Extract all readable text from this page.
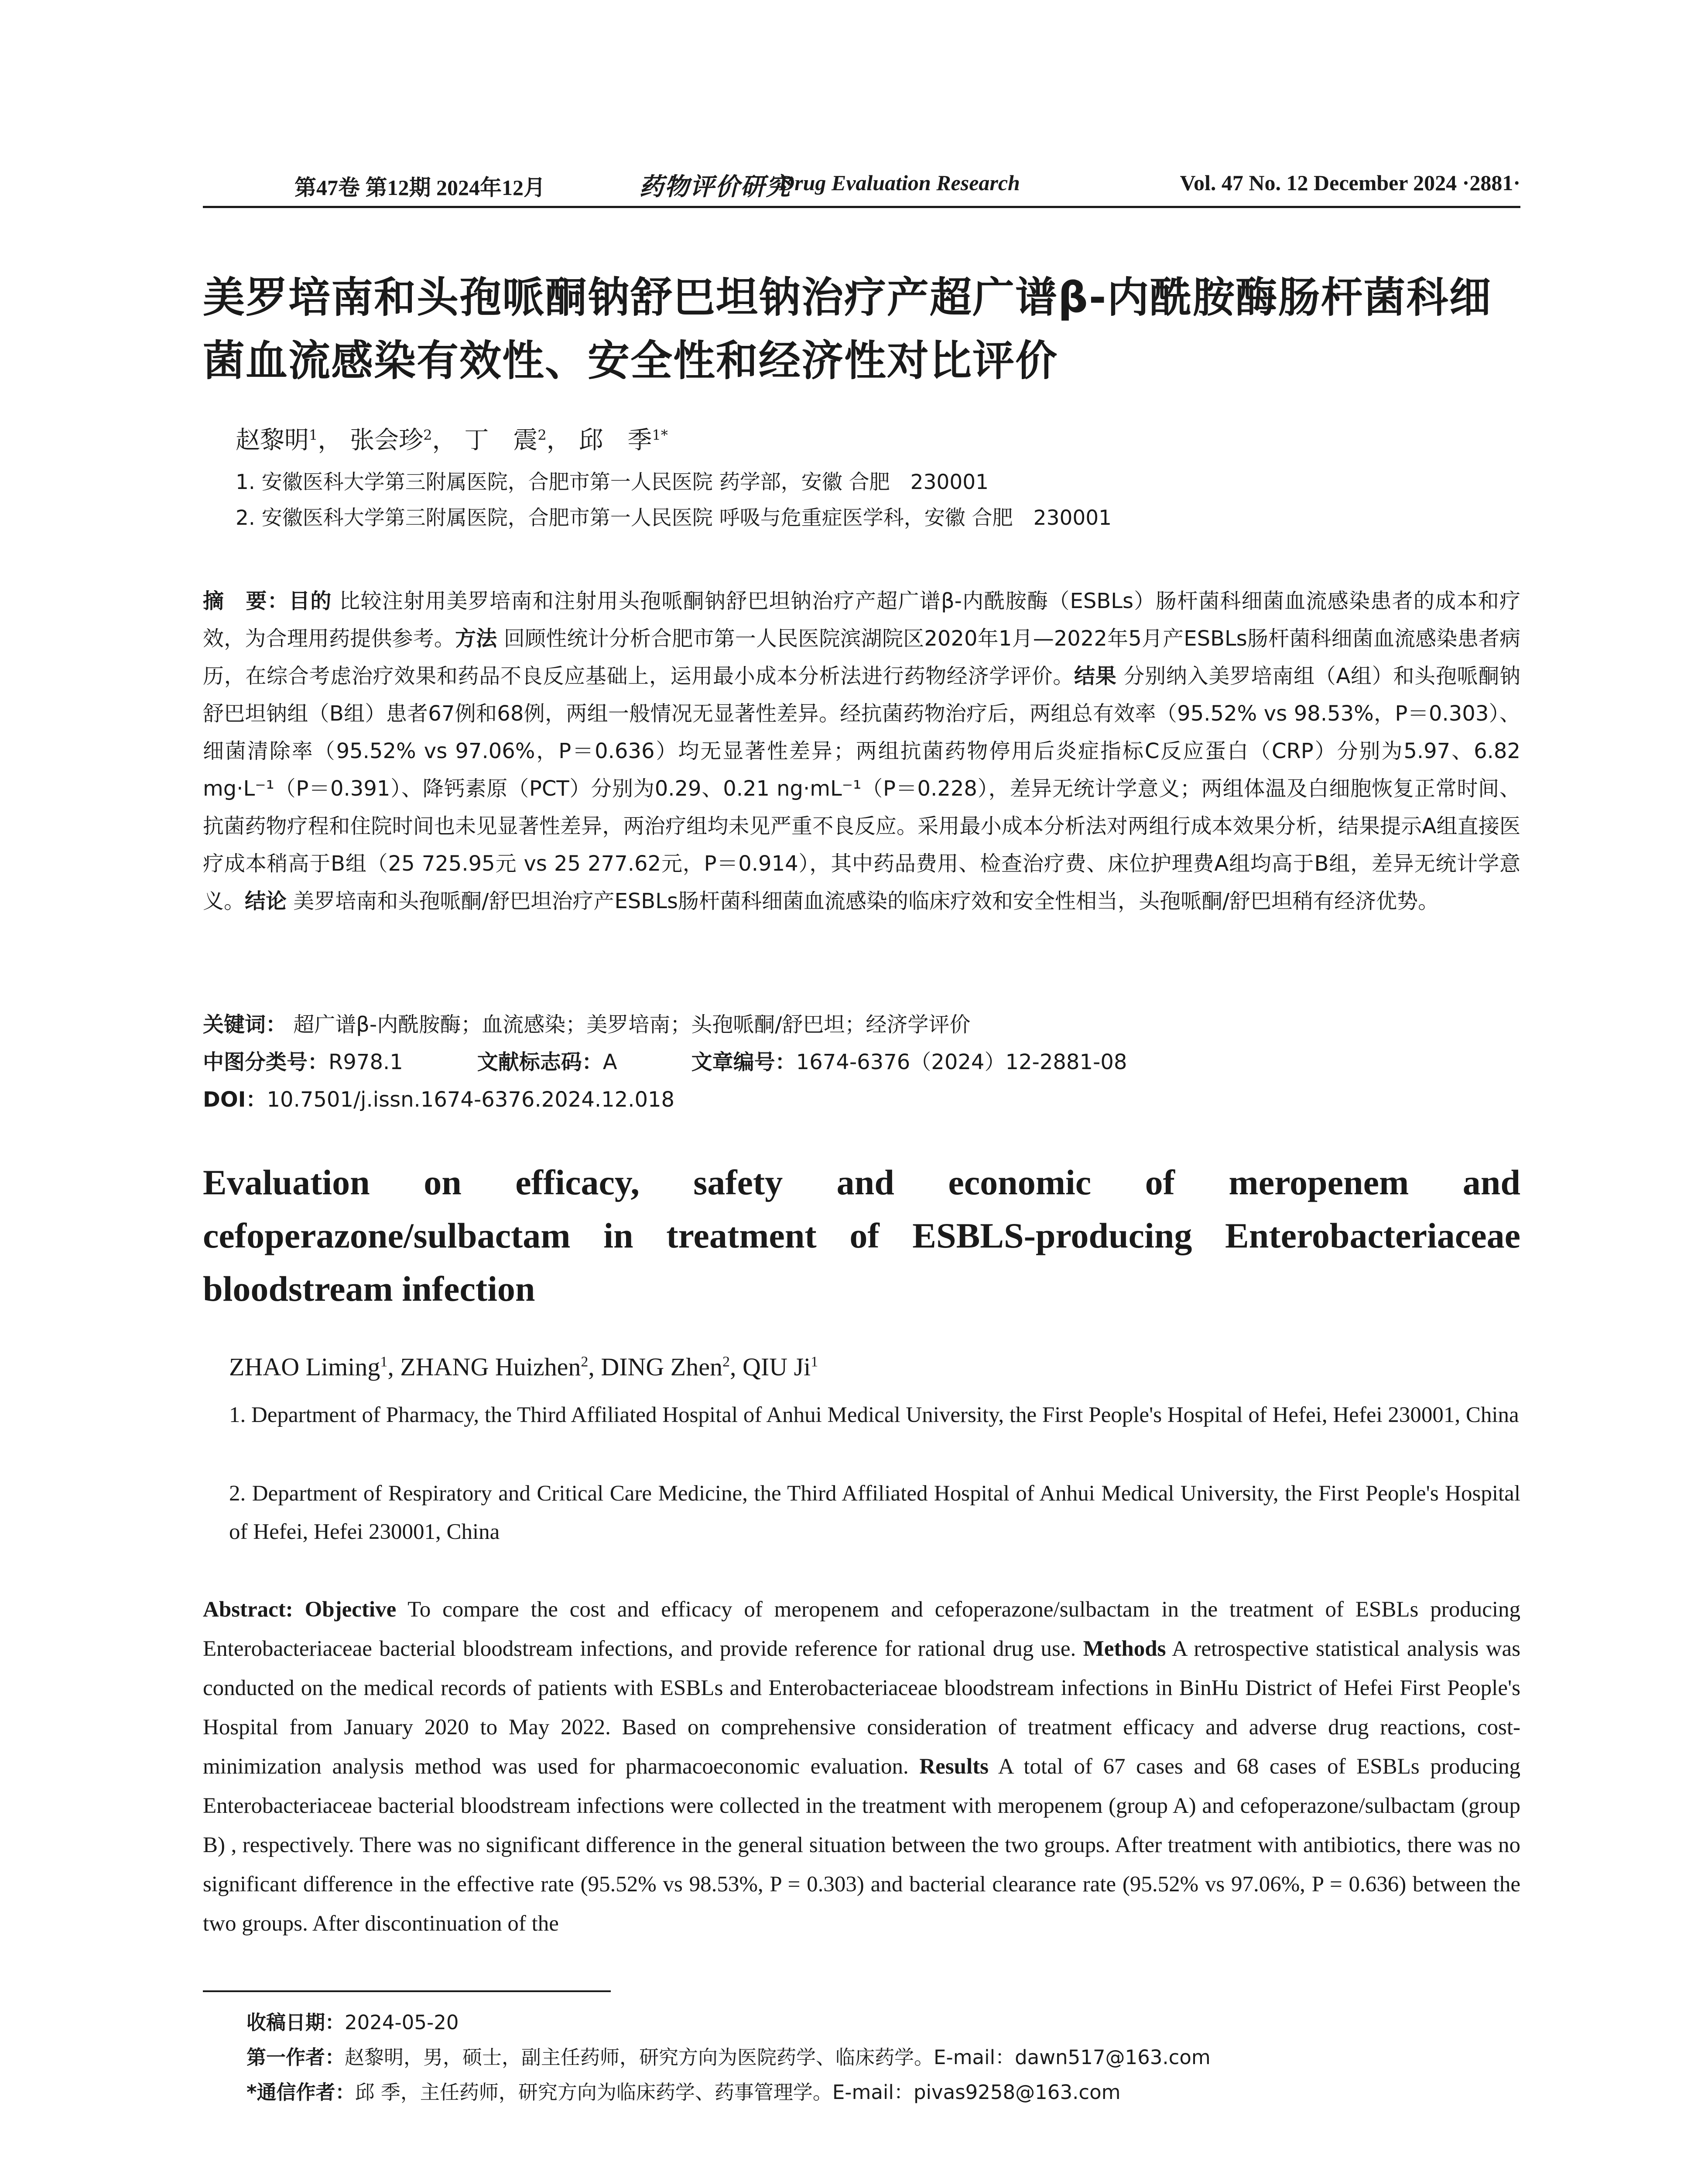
第47卷 第12期 2024年12月	药物评价研究
Drug Evaluation Research	Vol. 47 No. 12 December 2024 ·2881·
美罗培南和头孢哌酮钠舒巴坦钠治疗产超广谱β-内酰胺酶肠杆菌科细菌血流感染有效性、安全性和经济性对比评价
赵黎明$^1$， 张会珍$^2$， 丁　震$^2$， 邱　季$^{1*}$
1. 安徽医科大学第三附属医院，合肥市第一人民医院 药学部，安徽 合肥　230001
2. 安徽医科大学第三附属医院，合肥市第一人民医院 呼吸与危重症医学科，安徽 合肥　230001
摘　要：目的 比较注射用美罗培南和注射用头孢哌酮钠舒巴坦钠治疗产超广谱β-内酰胺酶（ESBLs）肠杆菌科细菌血流感染患者的成本和疗效，为合理用药提供参考。方法 回顾性统计分析合肥市第一人民医院滨湖院区2020年1月—2022年5月产ESBLs肠杆菌科细菌血流感染患者病历，在综合考虑治疗效果和药品不良反应基础上，运用最小成本分析法进行药物经济学评价。结果 分别纳入美罗培南组（A组）和头孢哌酮钠舒巴坦钠组（B组）患者67例和68例，两组一般情况无显著性差异。经抗菌药物治疗后，两组总有效率（95.52% vs 98.53%，P＝0.303）、细菌清除率（95.52% vs 97.06%，P＝0.636）均无显著性差异；两组抗菌药物停用后炎症指标C反应蛋白（CRP）分别为5.97、6.82 mg·L⁻¹（P＝0.391）、降钙素原（PCT）分别为0.29、0.21 ng·mL⁻¹（P＝0.228），差异无统计学意义；两组体温及白细胞恢复正常时间、抗菌药物疗程和住院时间也未见显著性差异，两治疗组均未见严重不良反应。采用最小成本分析法对两组行成本效果分析，结果提示A组直接医疗成本稍高于B组（25 725.95元 vs 25 277.62元，P＝0.914），其中药品费用、检查治疗费、床位护理费A组均高于B组，差异无统计学意义。结论 美罗培南和头孢哌酮/舒巴坦治疗产ESBLs肠杆菌科细菌血流感染的临床疗效和安全性相当，头孢哌酮/舒巴坦稍有经济优势。
关键词： 超广谱β-内酰胺酶；血流感染；美罗培南；头孢哌酮/舒巴坦；经济学评价
中图分类号：R978.1	文献标志码：A	文章编号：1674-6376（2024）12-2881-08
DOI：10.7501/j.issn.1674-6376.2024.12.018
Evaluation on efficacy, safety and economic of meropenem and cefoperazone/sulbactam in treatment of ESBLS-producing Enterobacteriaceae bloodstream infection
ZHAO Liming$^1$, ZHANG Huizhen$^2$, DING Zhen$^2$, QIU Ji$^1$
1. Department of Pharmacy, the Third Affiliated Hospital of Anhui Medical University, the First People's Hospital of Hefei, Hefei 230001, China
2. Department of Respiratory and Critical Care Medicine, the Third Affiliated Hospital of Anhui Medical University, the First People's Hospital of Hefei, Hefei 230001, China
Abstract: Objective To compare the cost and efficacy of meropenem and cefoperazone/sulbactam in the treatment of ESBLs producing Enterobacteriaceae bacterial bloodstream infections, and provide reference for rational drug use. Methods A retrospective statistical analysis was conducted on the medical records of patients with ESBLs and Enterobacteriaceae bloodstream infections in BinHu District of Hefei First People's Hospital from January 2020 to May 2022. Based on comprehensive consideration of treatment efficacy and adverse drug reactions, cost-minimization analysis method was used for pharmacoeconomic evaluation. Results A total of 67 cases and 68 cases of ESBLs producing Enterobacteriaceae bacterial bloodstream infections were collected in the treatment with meropenem (group A) and cefoperazone/sulbactam (group B) , respectively. There was no significant difference in the general situation between the two groups. After treatment with antibiotics, there was no significant difference in the effective rate (95.52% vs 98.53%, P = 0.303) and bacterial clearance rate (95.52% vs 97.06%, P = 0.636) between the two groups. After discontinuation of the
收稿日期：2024-05-20
第一作者：赵黎明，男，硕士，副主任药师，研究方向为医院药学、临床药学。E-mail：dawn517@163.com
*通信作者：邱 季，主任药师，研究方向为临床药学、药事管理学。E-mail：pivas9258@163.com
